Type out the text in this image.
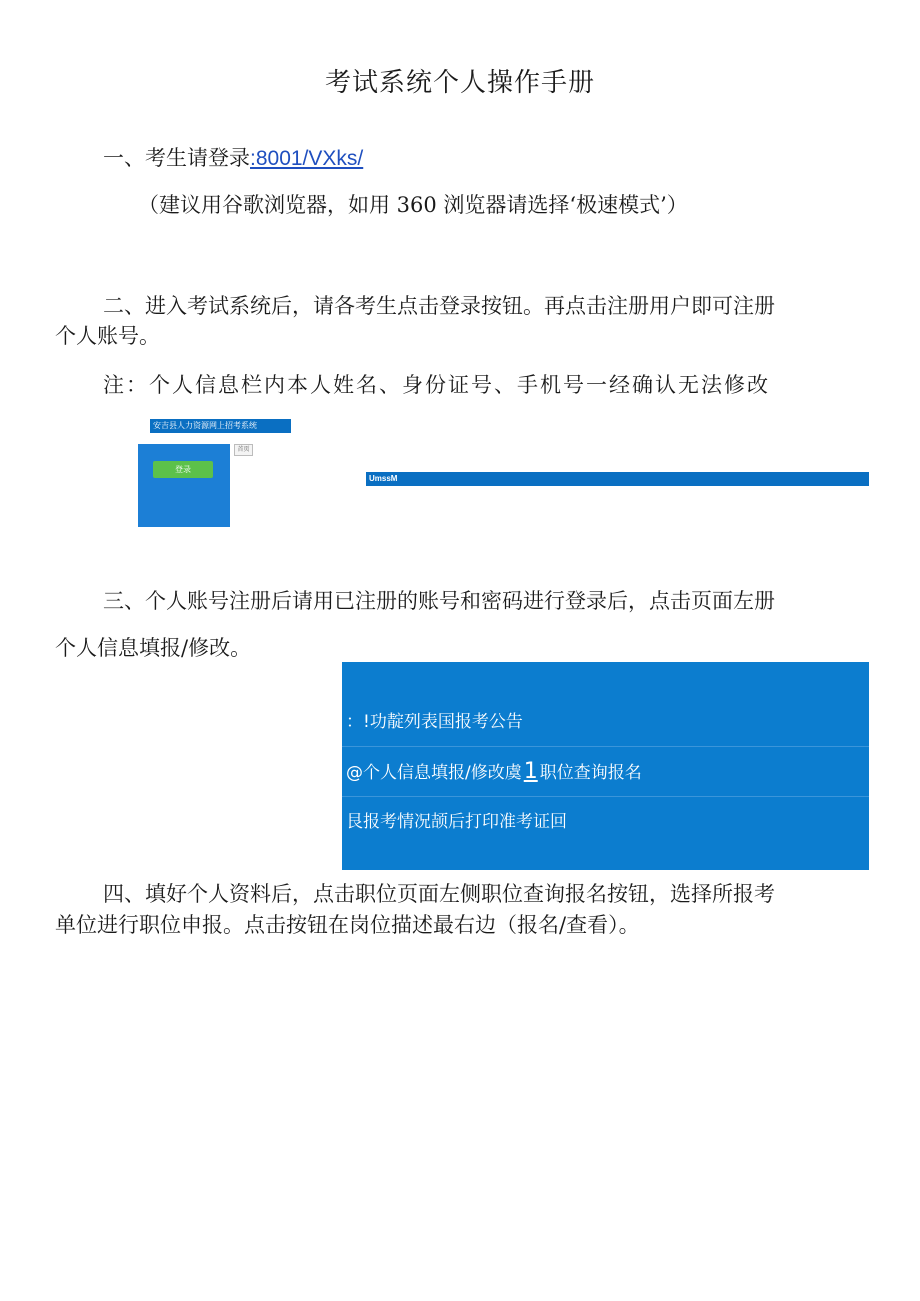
考试系统个人操作手册
一、考生请登录:8001/VXks/
（建议用谷歌浏览器，如用 360 浏览器请选择‘极速模式’）
二、进入考试系统后，请各考生点击登录按钮。再点击注册用户即可注册
个人账号。
注：个人信息栏内本人姓名、身份证号、手机号一经确认无法修改
安吉县人力资源网上招考系统
登录
首页
UmssM
三、个人账号注册后请用已注册的账号和密码进行登录后，点击页面左册
个人信息填报/修改。
：!功靛列表国报考公告
@个人信息填报/修改虞1 职位查询报名
艮报考情况颉后打印准考证回
四、填好个人资料后，点击职位页面左侧职位查询报名按钮，选择所报考
单位进行职位申报。点击按钮在岗位描述最右边（报名/查看）。
